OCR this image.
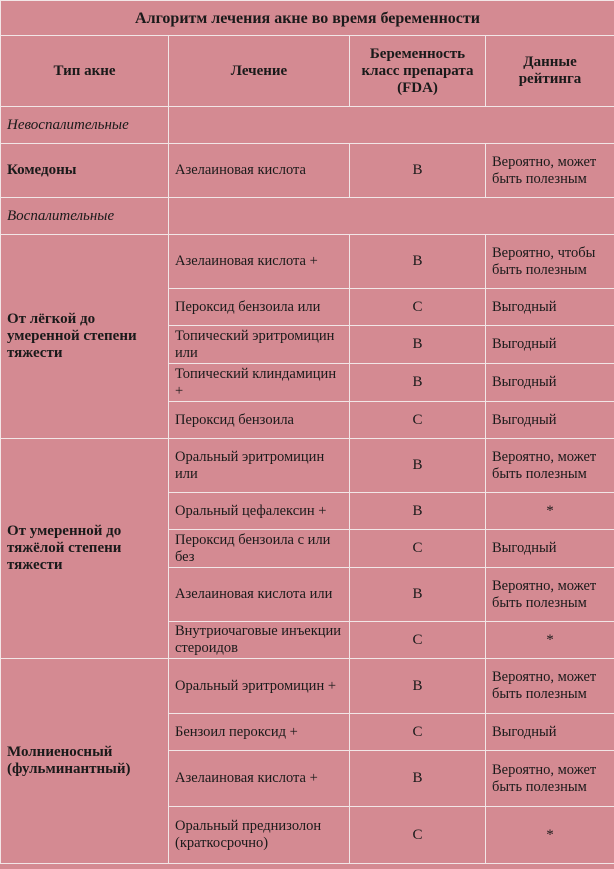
Алгоритм лечения акне во время беременности			
Тип акне	Лечение	Беременность класс препарата (FDA)	Данные рейтинга
Невоспалительные			
Комедоны	Азелаиновая кислота	B	Вероятно, может быть полезным
Воспалительные			
От лёгкой до умеренной степени тяжести	Азелаиновая кислота +	B	Вероятно, чтобы быть полезным
	Пероксид бензоила или	C	Выгодный
	Топический эритромицин или	B	Выгодный
	Топический клиндамицин +	B	Выгодный
	Пероксид бензоила	C	Выгодный
От умеренной до тяжёлой степени тяжести	Оральный эритромицин или	B	Вероятно, может быть полезным
	Оральный цефалексин +	B	*
	Пероксид бензоила с или без	C	Выгодный
	Азелаиновая кислота или	B	Вероятно, может быть полезным
	Внутриочаговые инъекции стероидов	C	*
Молниеносный (фульминантный)	Оральный эритромицин +	B	Вероятно, может быть полезным
	Бензоил пероксид +	C	Выгодный
	Азелаиновая кислота +	B	Вероятно, может быть полезным
	Оральный преднизолон (краткосрочно)	C	*
